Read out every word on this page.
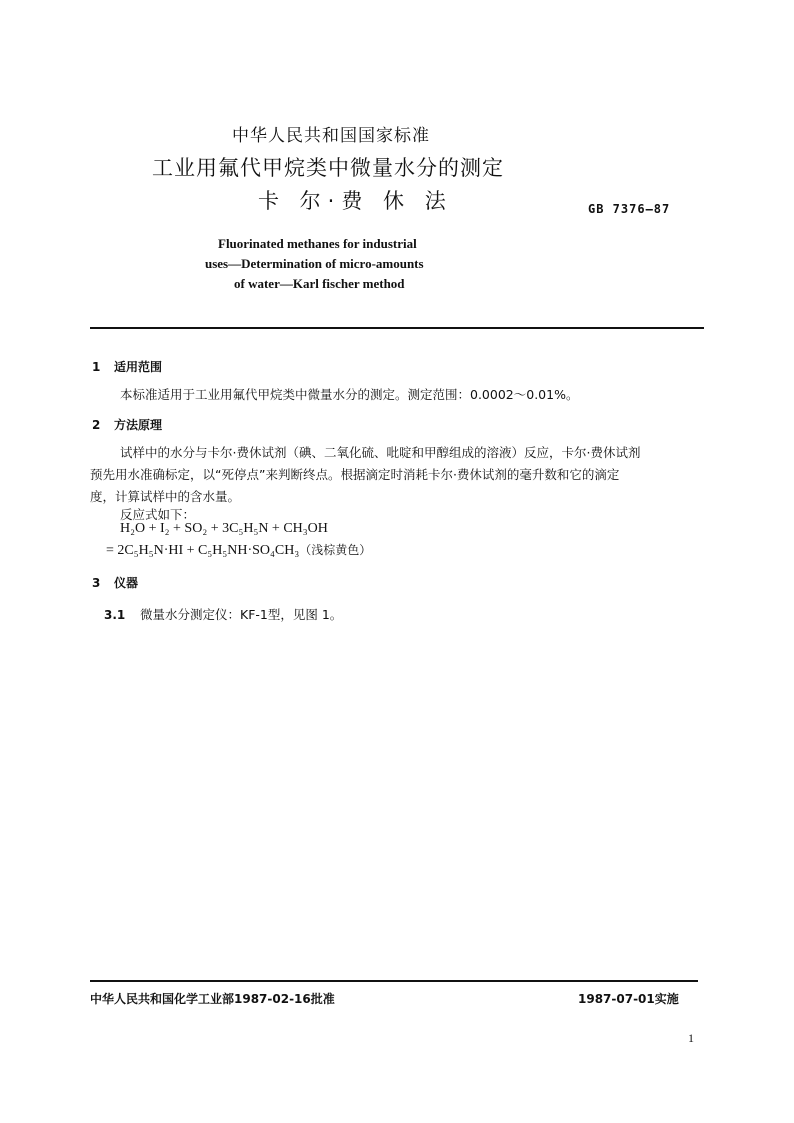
中华人民共和国国家标准
工业用氟代甲烷类中微量水分的测定
卡 尔·费 休 法	GB 7376—87
Fluorinated methanes for industrial
uses—Determination of micro-amounts
of water—Karl fischer method
1 适用范围
本标准适用于工业用氟代甲烷类中微量水分的测定。测定范围：0.0002～0.01%。
2 方法原理
试样中的水分与卡尔·费休试剂（碘、二氧化硫、吡啶和甲醇组成的溶液）反应，卡尔·费休试剂
预先用水准确标定，以“死停点”来判断终点。根据滴定时消耗卡尔·费休试剂的毫升数和它的滴定
度，计算试样中的含水量。
反应式如下：
H₂O + I₂ + SO₂ + 3C₅H₅N + CH₃OH
= 2C₅H₅N·HI + C₅H₅NH·SO₄CH₃（浅棕黄色）
3 仪器
3.1 微量水分测定仪：KF-1型，见图 1。
中华人民共和国化学工业部1987-02-16批准	1987-07-01实施
1
